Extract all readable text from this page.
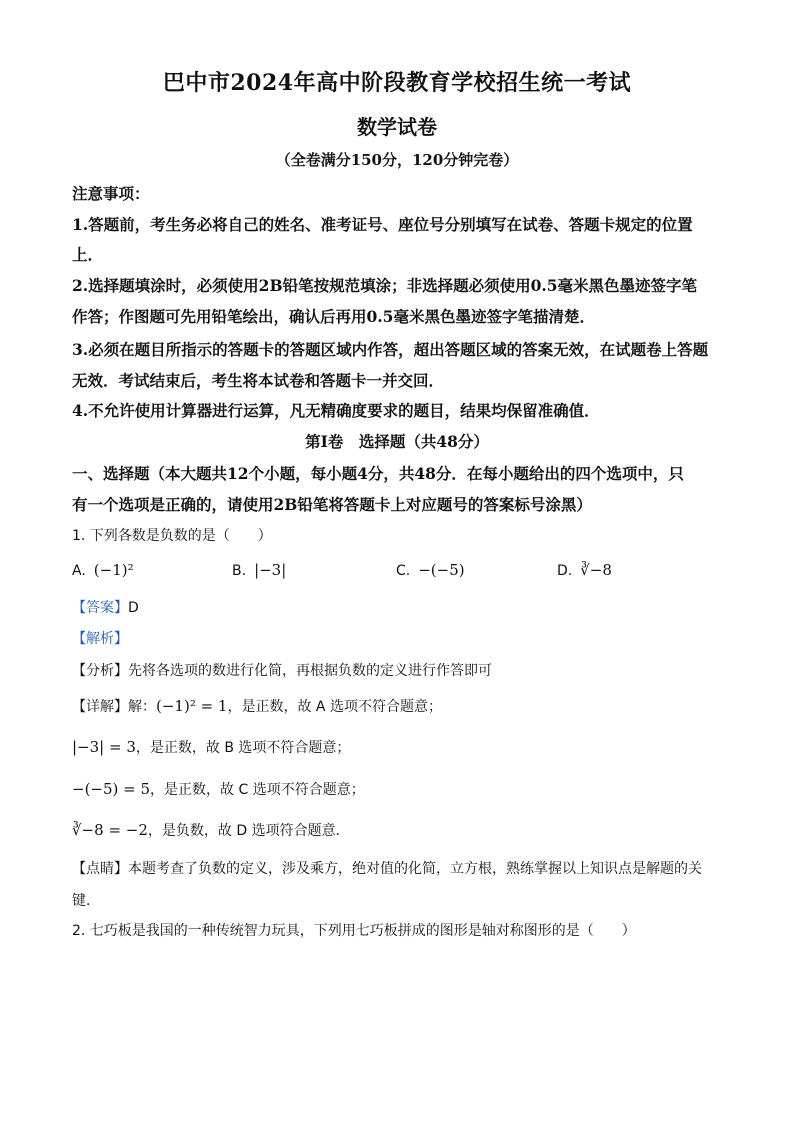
巴中市2024年高中阶段教育学校招生统一考试
数学试卷
（全卷满分150分，120分钟完卷）
注意事项：
1.答题前，考生务必将自己的姓名、准考证号、座位号分别填写在试卷、答题卡规定的位置
上．
2.选择题填涂时，必须使用2B铅笔按规范填涂；非选择题必须使用0.5毫米黑色墨迹签字笔
作答；作图题可先用铅笔绘出，确认后再用0.5毫米黑色墨迹签字笔描清楚．
3.必须在题目所指示的答题卡的答题区域内作答，超出答题区域的答案无效，在试题卷上答题
无效．考试结束后，考生将本试卷和答题卡一并交回．
4.不允许使用计算器进行运算，凡无精确度要求的题目，结果均保留准确值．
第Ⅰ卷　选择题（共48分）
一、选择题（本大题共12个小题，每小题4分，共48分．在每小题给出的四个选项中，只
有一个选项是正确的，请使用2B铅笔将答题卡上对应题号的答案标号涂黑）
1. 下列各数是负数的是（　　）
A. (−1)²	B. |−3|	C. −(−5)	D. ∛−8
【答案】D
【解析】
【分析】先将各选项的数进行化简，再根据负数的定义进行作答即可
【详解】解：(−1)² = 1，是正数，故 A 选项不符合题意；
|−3| = 3，是正数，故 B 选项不符合题意；
−(−5) = 5，是正数，故 C 选项不符合题意；
∛−8 = −2，是负数，故 D 选项符合题意．
【点睛】本题考查了负数的定义，涉及乘方，绝对值的化简，立方根，熟练掌握以上知识点是解题的关
键．
2. 七巧板是我国的一种传统智力玩具，下列用七巧板拼成的图形是轴对称图形的是（　　）
